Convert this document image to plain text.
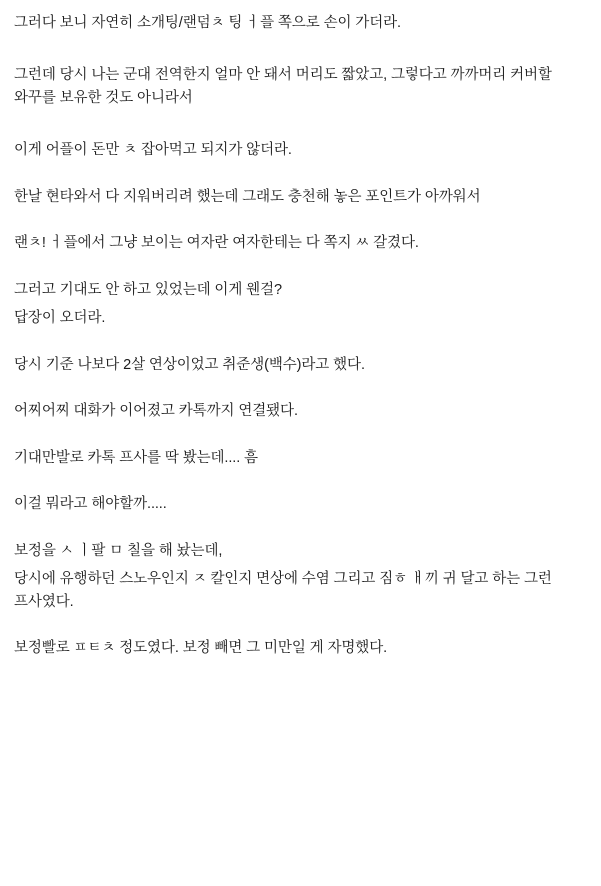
그러다 보니 자연히 소개팅/랜덤ㅊ 팅 ㅓ플 쪽으로 손이 가더라.

그런데 당시 나는 군대 전역한지 얼마 안 돼서 머리도 짧았고, 그렇다고 까까머리 커버할 와꾸를 보유한 것도 아니라서

이게 어플이 돈만 ㅊ 잡아먹고 되지가 않더라.

한날 현타와서 다 지워버리려 했는데 그래도 충천해 놓은 포인트가 아까워서

랜ㅊ! ㅓ플에서 그냥 보이는 여자란 여자한테는 다 쪽지 ㅆ 갈겼다.

그러고 기대도 안 하고 있었는데 이게 웬걸?

답장이 오더라.

당시 기준 나보다 2살 연상이었고 취준생(백수)라고 했다.

어찌어찌 대화가 이어졌고 카톡까지 연결됐다.

기대만발로 카톡 프사를 딱 봤는데.... 흠

이걸 뭐라고 해야할까.....

보정을 ㅅ ㅣ팔 ㅁ 칠을 해 놨는데,

당시에 유행하던 스노우인지 ㅈ 칼인지 면상에 수염 그리고 짐ㅎ ㅐ끼 귀 달고 하는 그런 프사였다.

보정빨로 ㅍㅌㅊ 정도였다. 보정 빼면 그 미만일 게 자명했다.
